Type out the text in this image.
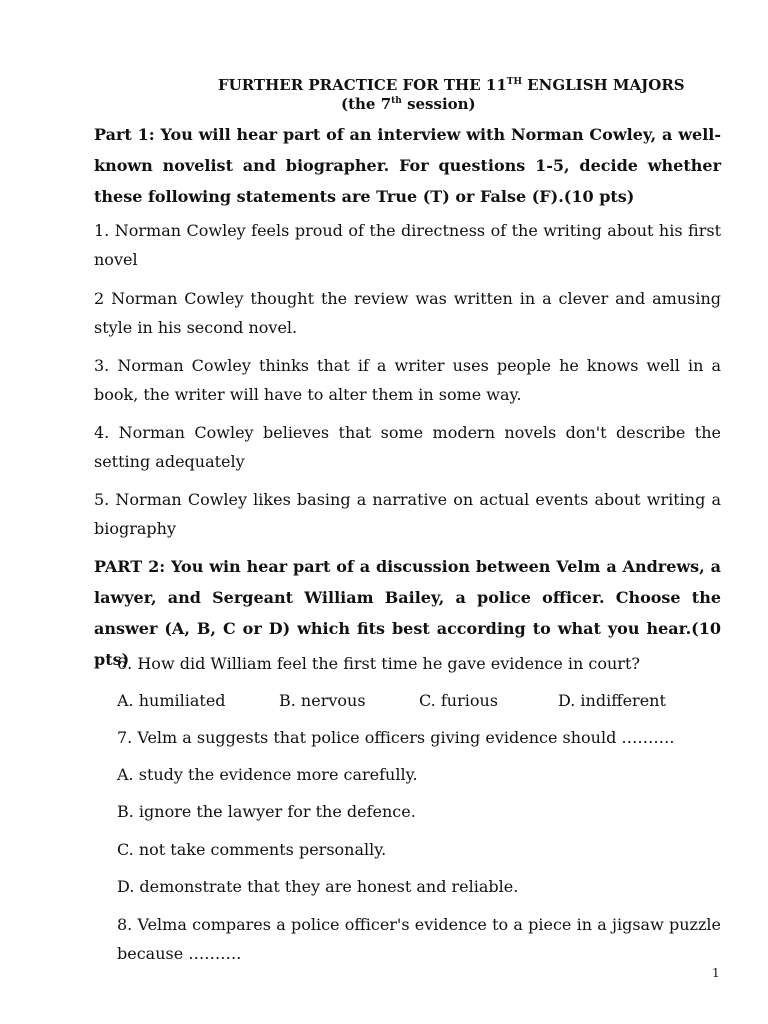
FURTHER PRACTICE FOR THE 11TH ENGLISH MAJORS
(the 7th session)

Part 1: You will hear part of an interview with Norman Cowley, a well-known novelist and biographer. For questions 1-5, decide whether these following statements are True (T) or False (F).(10 pts)

1. Norman Cowley feels proud of the directness of the writing about his first novel

2 Norman Cowley thought the review was written in a clever and amusing style in his second novel.

3. Norman Cowley thinks that if a writer uses people he knows well in a book, the writer will have to alter them in some way.

4. Norman Cowley believes that some modern novels don't describe the setting adequately

5. Norman Cowley likes basing a narrative on actual events about writing a biography

PART 2: You win hear part of a discussion between Velm a Andrews, a lawyer, and Sergeant William Bailey, a police officer. Choose the answer (A, B, C or D) which fits best according to what you hear.(10 pts)

6. How did William feel the first time he gave evidence in court?

A. humiliated	B. nervous	C. furious	D. indifferent

7. Velm a suggests that police officers giving evidence should ……….

A. study the evidence more carefully.

B. ignore the lawyer for the defence.

C. not take comments personally.

D. demonstrate that they are honest and reliable.

8. Velma compares a police officer's evidence to a piece in a jigsaw puzzle because ……….

1
